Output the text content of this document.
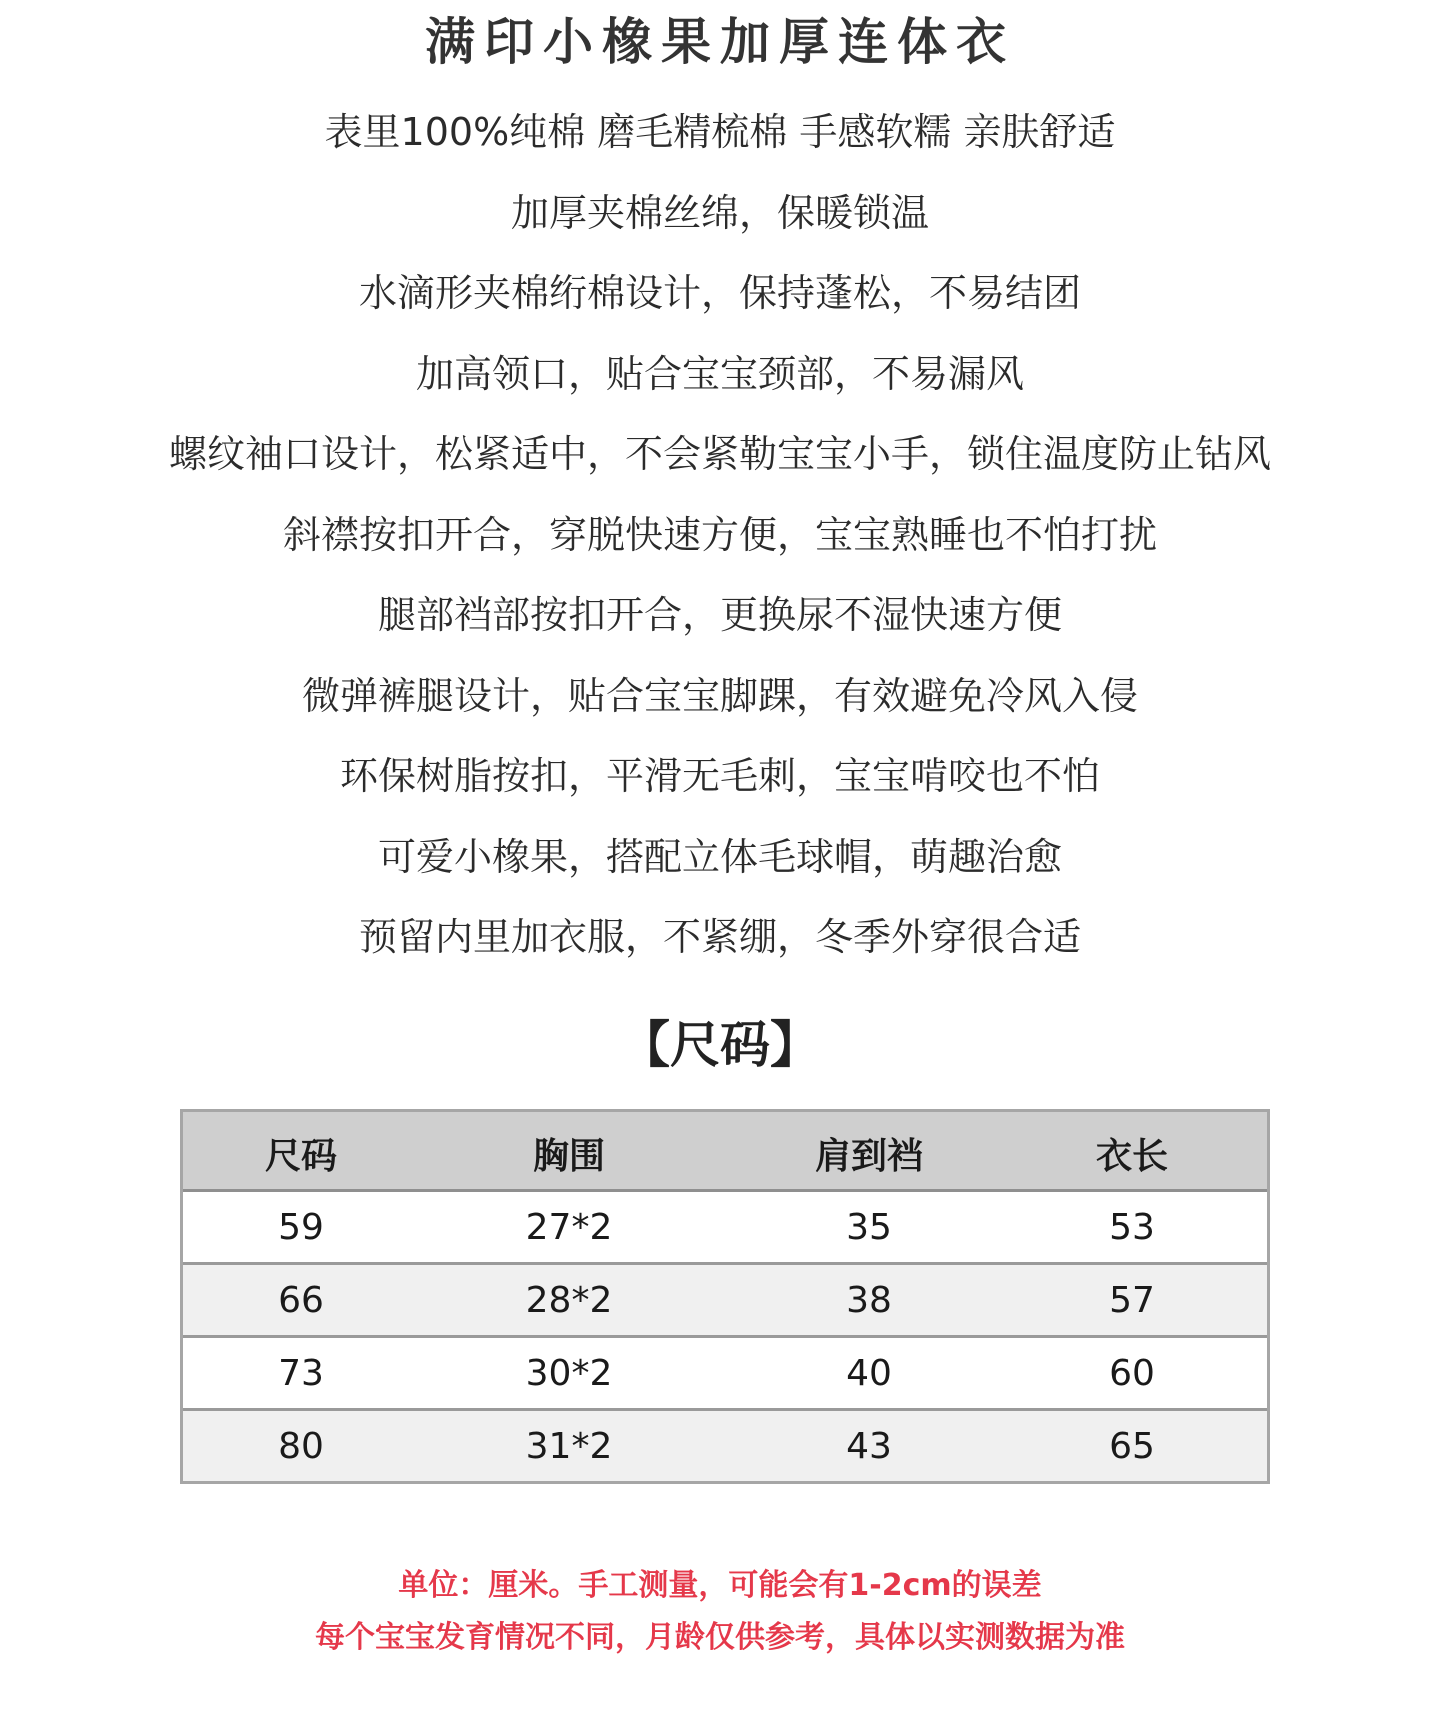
满印小橡果加厚连体衣
表里100%纯棉 磨毛精梳棉 手感软糯 亲肤舒适
加厚夹棉丝绵，保暖锁温
水滴形夹棉绗棉设计，保持蓬松，不易结团
加高领口，贴合宝宝颈部，不易漏风
螺纹袖口设计，松紧适中，不会紧勒宝宝小手，锁住温度防止钻风
斜襟按扣开合，穿脱快速方便，宝宝熟睡也不怕打扰
腿部裆部按扣开合，更换尿不湿快速方便
微弹裤腿设计，贴合宝宝脚踝，有效避免冷风入侵
环保树脂按扣，平滑无毛刺，宝宝啃咬也不怕
可爱小橡果，搭配立体毛球帽，萌趣治愈
预留内里加衣服，不紧绷，冬季外穿很合适
【尺码】
尺码	胸围	肩到裆	衣长
59	27*2	35	53
66	28*2	38	57
73	30*2	40	60
80	31*2	43	65
单位：厘米。手工测量，可能会有1-2cm的误差
每个宝宝发育情况不同，月龄仅供参考，具体以实测数据为准
